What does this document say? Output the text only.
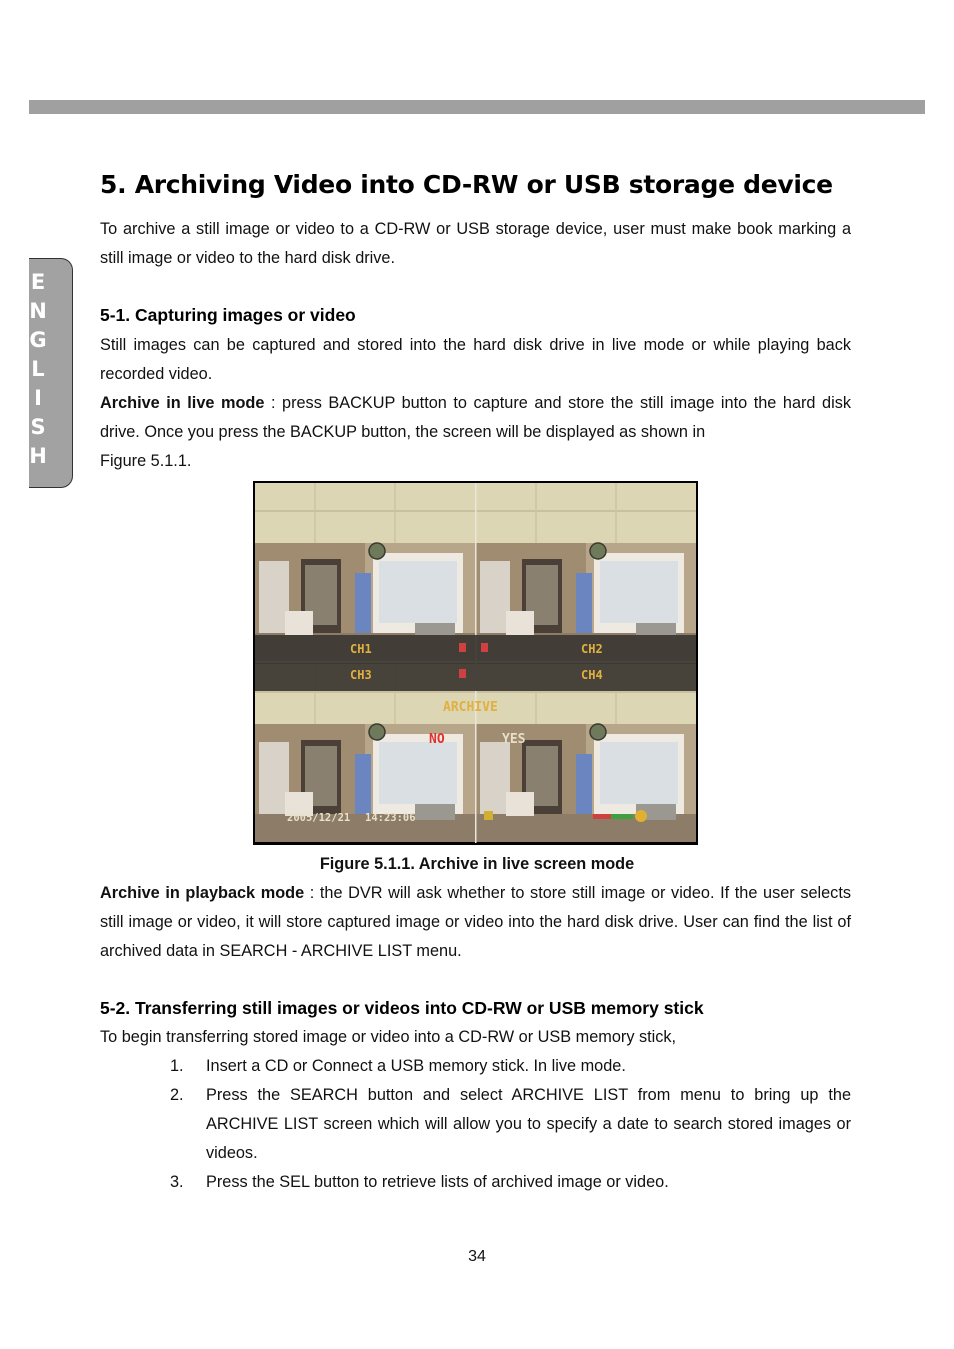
E
N
G
L
I
S
H
5. Archiving Video into CD-RW or USB storage device

To archive a still image or video to a CD-RW or USB storage device, user must make book marking a still image or video to the hard disk drive.

5-1. Capturing images or video

Still images can be captured and stored into the hard disk drive in live mode or while playing back recorded video.

Archive in live mode : press BACKUP button to capture and store the still image into the hard disk drive. Once you press the BACKUP button, the screen will be displayed as shown in

Figure 5.1.1.

CH1	CH2
CH3	CH4
ARCHIVE
NO	YES
2005/12/21 14:23:06
Figure 5.1.1. Archive in live screen mode

Archive in playback mode : the DVR will ask whether to store still image or video. If the user selects still image or video, it will store captured image or video into the hard disk drive. User can find the list of archived data in SEARCH - ARCHIVE LIST menu.

5-2. Transferring still images or videos into CD-RW or USB memory stick

To begin transferring stored image or video into a CD-RW or USB memory stick,

1. Insert a CD or Connect a USB memory stick. In live mode.
2. Press the SEARCH button and select ARCHIVE LIST from menu to bring up the ARCHIVE LIST screen which will allow you to specify a date to search stored images or videos.
3. Press the SEL button to retrieve lists of archived image or video.
34
